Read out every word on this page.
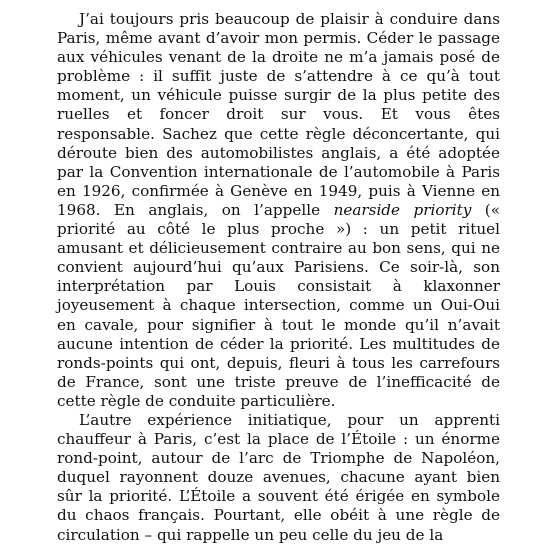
J’ai toujours pris beaucoup de plaisir à conduire dans Paris, même avant d’avoir mon permis. Céder le passage aux véhicules venant de la droite ne m’a jamais posé de problème : il suffit juste de s’attendre à ce qu’à tout moment, un véhicule puisse surgir de la plus petite des ruelles et foncer droit sur vous. Et vous êtes responsable. Sachez que cette règle déconcertante, qui déroute bien des automobilistes anglais, a été adoptée par la Convention internationale de l’automobile à Paris en 1926, confirmée à Genève en 1949, puis à Vienne en 1968. En anglais, on l’appelle nearside priority (« priorité au côté le plus proche ») : un petit rituel amusant et délicieusement contraire au bon sens, qui ne convient aujourd’hui qu’aux Parisiens. Ce soir-là, son interprétation par Louis consistait à klaxonner joyeusement à chaque intersection, comme un Oui-Oui en cavale, pour signifier à tout le monde qu’il n’avait aucune intention de céder la priorité. Les multitudes de ronds-points qui ont, depuis, fleuri à tous les carrefours de France, sont une triste preuve de l’inefficacité de cette règle de conduite particulière.

L’autre expérience initiatique, pour un apprenti chauffeur à Paris, c’est la place de l’Étoile : un énorme rond-point, autour de l’arc de Triomphe de Napoléon, duquel rayonnent douze avenues, chacune ayant bien sûr la priorité. L’Étoile a souvent été érigée en symbole du chaos français. Pourtant, elle obéit à une règle de circulation – qui rappelle un peu celle du jeu de la
